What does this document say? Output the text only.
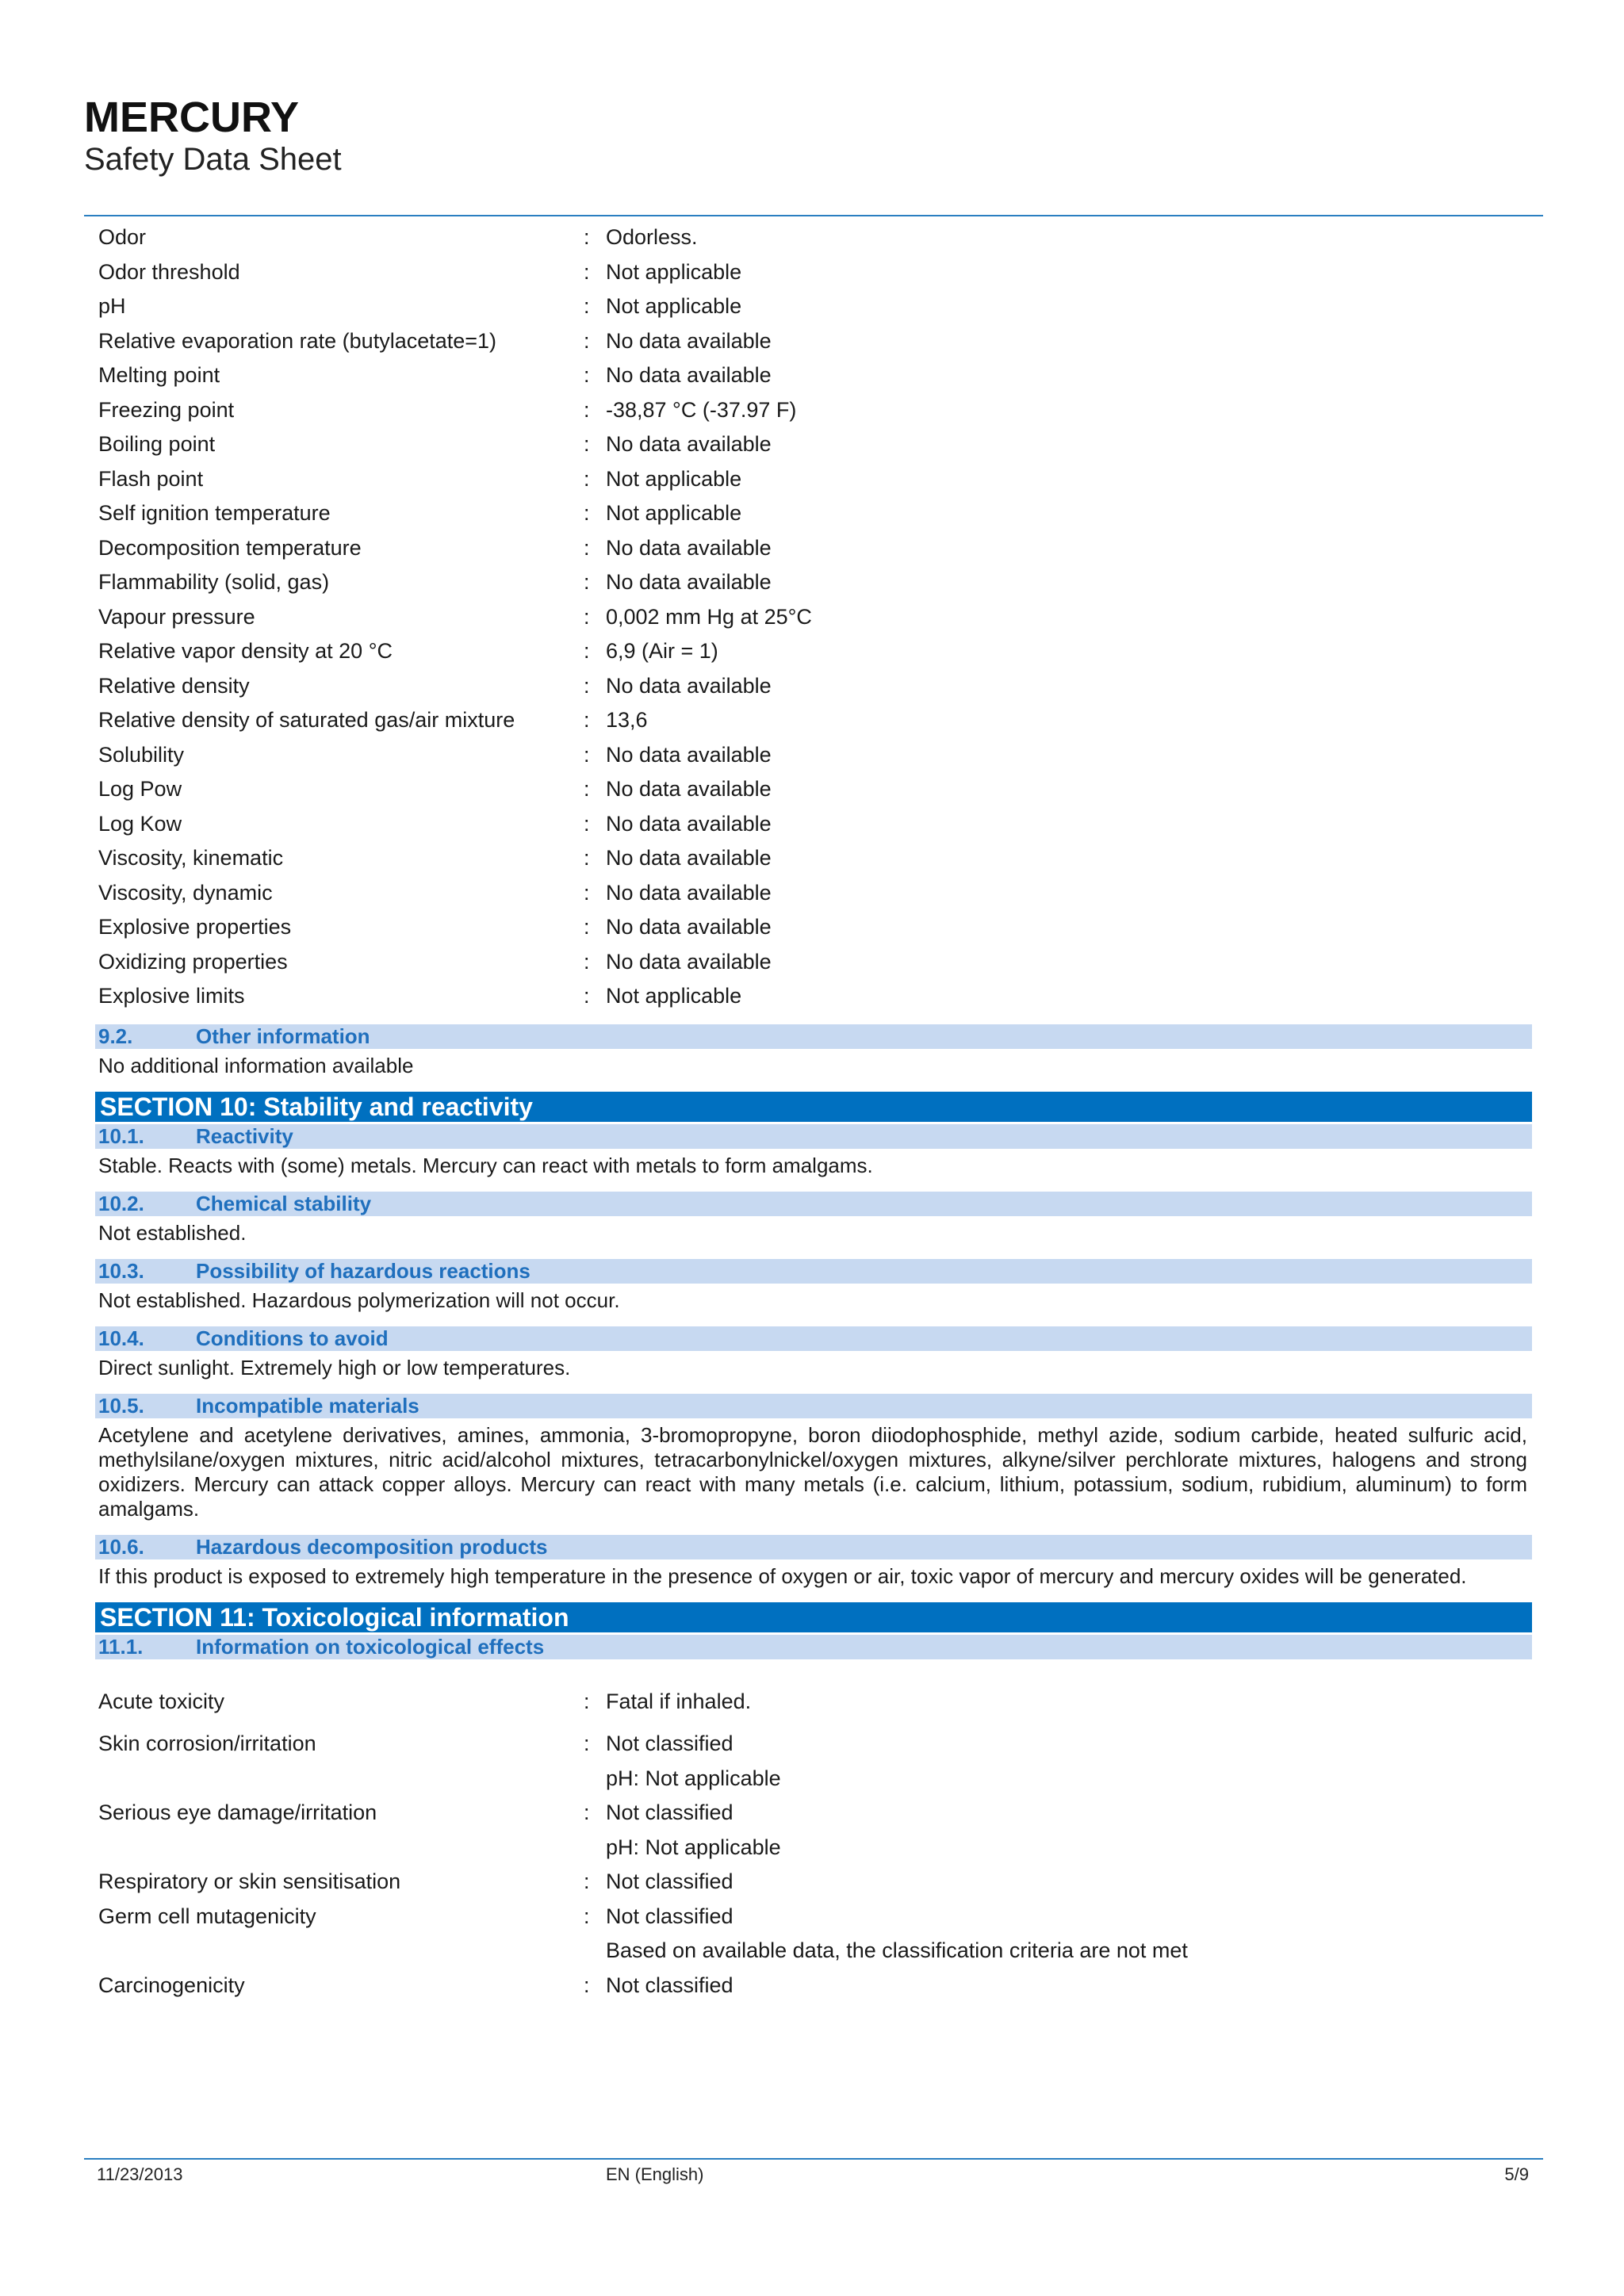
MERCURY
Safety Data Sheet
Odor	: Odorless.
Odor threshold	: Not applicable
pH	: Not applicable
Relative evaporation rate (butylacetate=1)	: No data available
Melting point	: No data available
Freezing point	: -38,87 °C (-37.97 F)
Boiling point	: No data available
Flash point	: Not applicable
Self ignition temperature	: Not applicable
Decomposition temperature	: No data available
Flammability (solid, gas)	: No data available
Vapour pressure	: 0,002 mm Hg at 25°C
Relative vapor density at 20 °C	: 6,9 (Air = 1)
Relative density	: No data available
Relative density of saturated gas/air mixture	: 13,6
Solubility	: No data available
Log Pow	: No data available
Log Kow	: No data available
Viscosity, kinematic	: No data available
Viscosity, dynamic	: No data available
Explosive properties	: No data available
Oxidizing properties	: No data available
Explosive limits	: Not applicable
9.2.	Other information
No additional information available
SECTION 10: Stability and reactivity
10.1.	Reactivity
Stable. Reacts with (some) metals. Mercury can react with metals to form amalgams.
10.2.	Chemical stability
Not established.
10.3.	Possibility of hazardous reactions
Not established. Hazardous polymerization will not occur.
10.4.	Conditions to avoid
Direct sunlight. Extremely high or low temperatures.
10.5.	Incompatible materials
Acetylene and acetylene derivatives, amines, ammonia, 3-bromopropyne, boron diiodophosphide, methyl azide, sodium carbide, heated sulfuric acid, methylsilane/oxygen mixtures, nitric acid/alcohol mixtures, tetracarbonylnickel/oxygen mixtures, alkyne/silver perchlorate mixtures, halogens and strong oxidizers. Mercury can attack copper alloys. Mercury can react with many metals (i.e. calcium, lithium, potassium, sodium, rubidium, aluminum) to form amalgams.
10.6.	Hazardous decomposition products
If this product is exposed to extremely high temperature in the presence of oxygen or air, toxic vapor of mercury and mercury oxides will be generated.
SECTION 11: Toxicological information
11.1.	Information on toxicological effects
Acute toxicity	: Fatal if inhaled.
Skin corrosion/irritation	: Not classified
pH: Not applicable
Serious eye damage/irritation	: Not classified
pH: Not applicable
Respiratory or skin sensitisation	: Not classified
Germ cell mutagenicity	: Not classified
Based on available data, the classification criteria are not met
Carcinogenicity	: Not classified
11/23/2013	EN (English)	5/9
